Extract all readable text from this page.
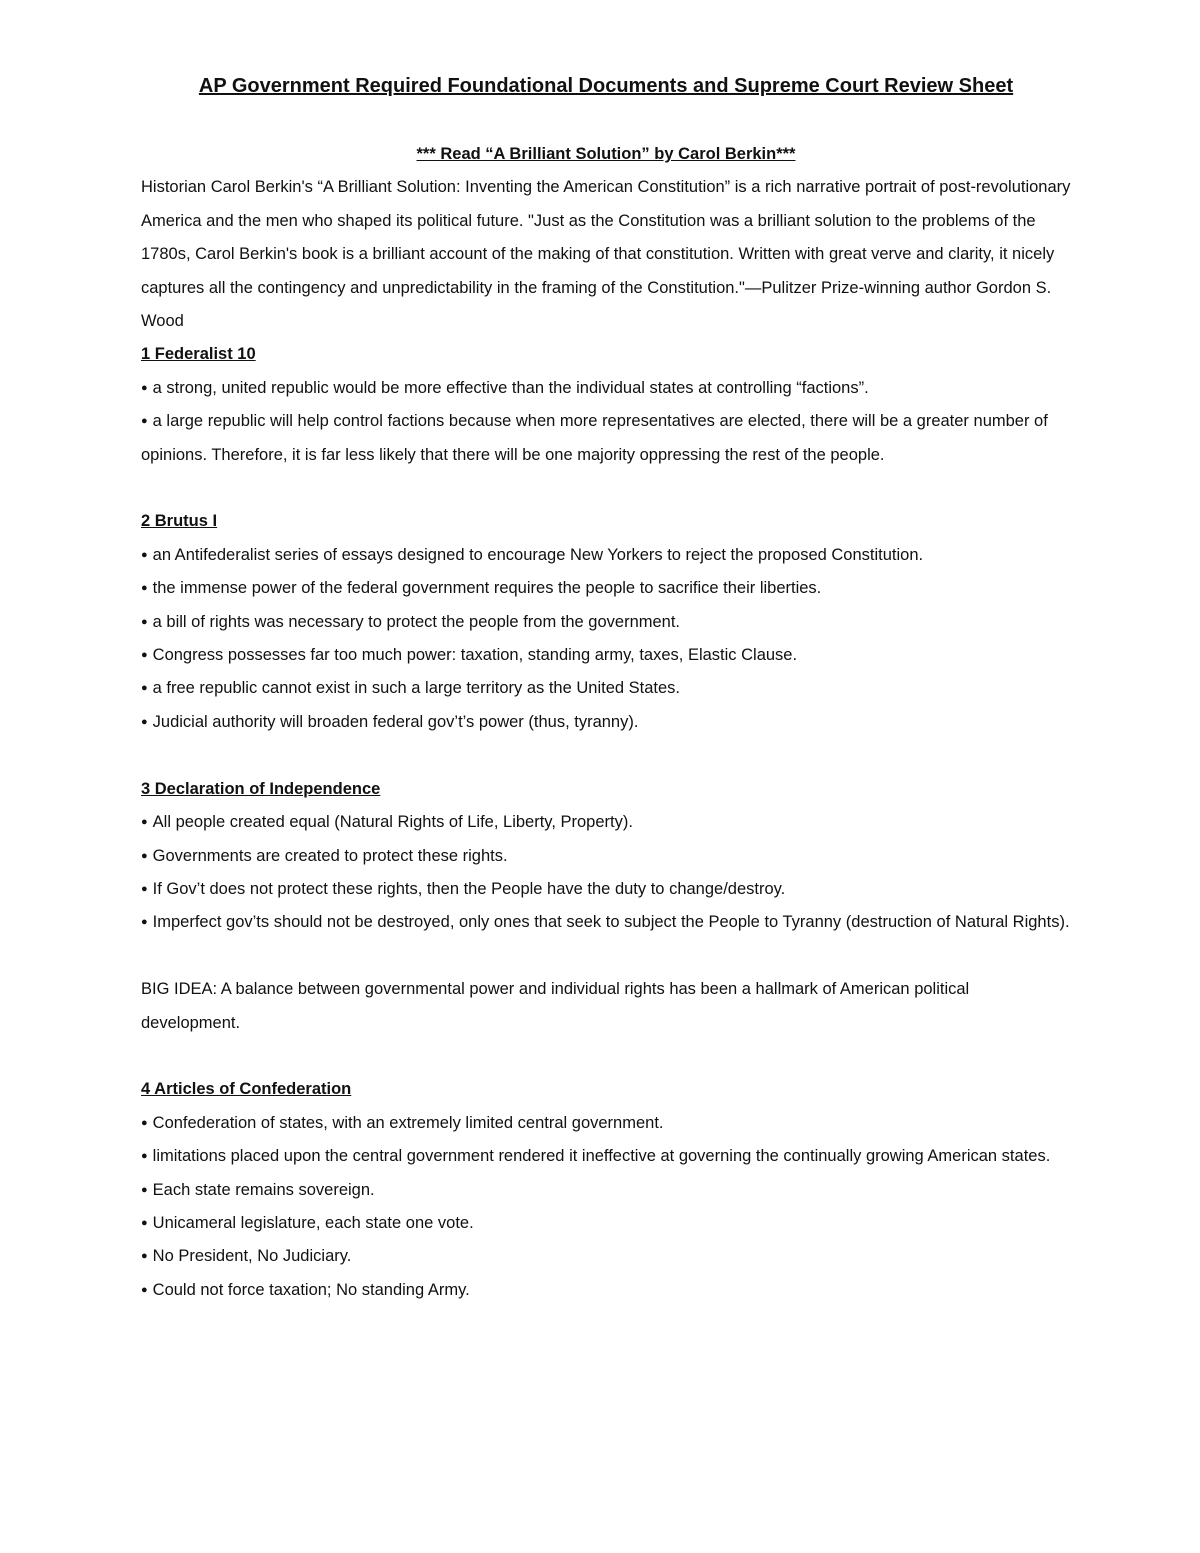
AP Government Required Foundational Documents and Supreme Court Review Sheet

*** Read “A Brilliant Solution” by Carol Berkin***

Historian Carol Berkin's “A Brilliant Solution: Inventing the American Constitution” is a rich narrative portrait of post-revolutionary America and the men who shaped its political future. "Just as the Constitution was a brilliant solution to the problems of the 1780s, Carol Berkin's book is a brilliant account of the making of that constitution. Written with great verve and clarity, it nicely captures all the contingency and unpredictability in the framing of the Constitution."—Pulitzer Prize-winning author Gordon S. Wood

1 Federalist 10

● a strong, united republic would be more effective than the individual states at controlling “factions”.
● a large republic will help control factions because when more representatives are elected, there will be a greater number of opinions. Therefore, it is far less likely that there will be one majority oppressing the rest of the people.

2 Brutus I

● an Antifederalist series of essays designed to encourage New Yorkers to reject the proposed Constitution.
● the immense power of the federal government requires the people to sacrifice their liberties.
● a bill of rights was necessary to protect the people from the government.
● Congress possesses far too much power: taxation, standing army, taxes, Elastic Clause.
● a free republic cannot exist in such a large territory as the United States.
● Judicial authority will broaden federal gov’t’s power (thus, tyranny).

3 Declaration of Independence

● All people created equal (Natural Rights of Life, Liberty, Property).
● Governments are created to protect these rights.
● If Gov’t does not protect these rights, then the People have the duty to change/destroy.
● Imperfect gov’ts should not be destroyed, only ones that seek to subject the People to Tyranny (destruction of Natural Rights).

BIG IDEA: A balance between governmental power and individual rights has been a hallmark of American political development.

4 Articles of Confederation

● Confederation of states, with an extremely limited central government.
● limitations placed upon the central government rendered it ineffective at governing the continually growing American states.
● Each state remains sovereign.
● Unicameral legislature, each state one vote.
● No President, No Judiciary.
● Could not force taxation; No standing Army.
